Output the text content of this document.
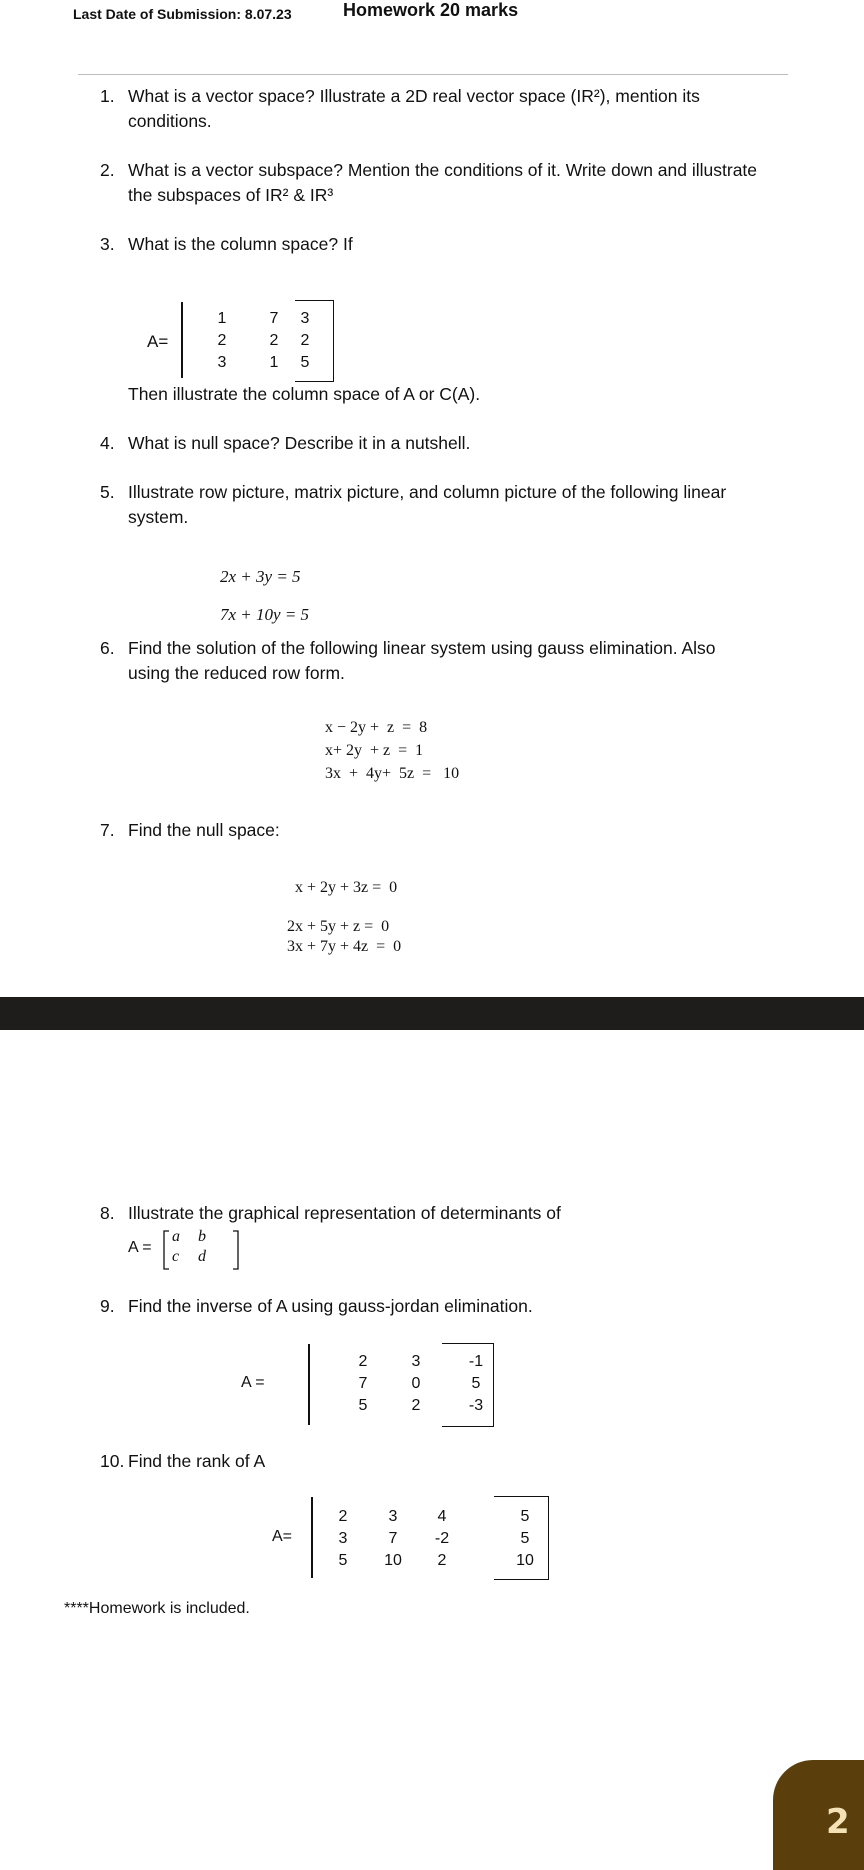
Last Date of Submission: 8.07.23	Homework 20 marks
1. What is a vector space? Illustrate a 2D real vector space (IR²), mention its
conditions.
2. What is a vector subspace? Mention the conditions of it. Write down and illustrate
the subspaces of IR² & IR³
3. What is the column space? If
A=
1
2
3
7
2
1
3
2
5
Then illustrate the column space of A or C(A).
4. What is null space? Describe it in a nutshell.
5. Illustrate row picture, matrix picture, and column picture of the following linear
system.
2x + 3y = 5
7x + 10y = 5
6. Find the solution of the following linear system using gauss elimination. Also
using the reduced row form.
x − 2y +  z  =  8
x+ 2y  + z  =  1
3x  +  4y+  5z  =   10
7. Find the null space:
x + 2y + 3z =  0
2x + 5y + z =  0
3x + 7y + 4z  =  0
8. Illustrate the graphical representation of determinants of
A =
a b
c d
9. Find the inverse of A using gauss-jordan elimination.
A =
2
7
5
3
0
2
-1
5
-3
10. Find the rank of A
A=
2
3
5
3
7
10
4
-2
2
5
5
10
****Homework is included.
2
